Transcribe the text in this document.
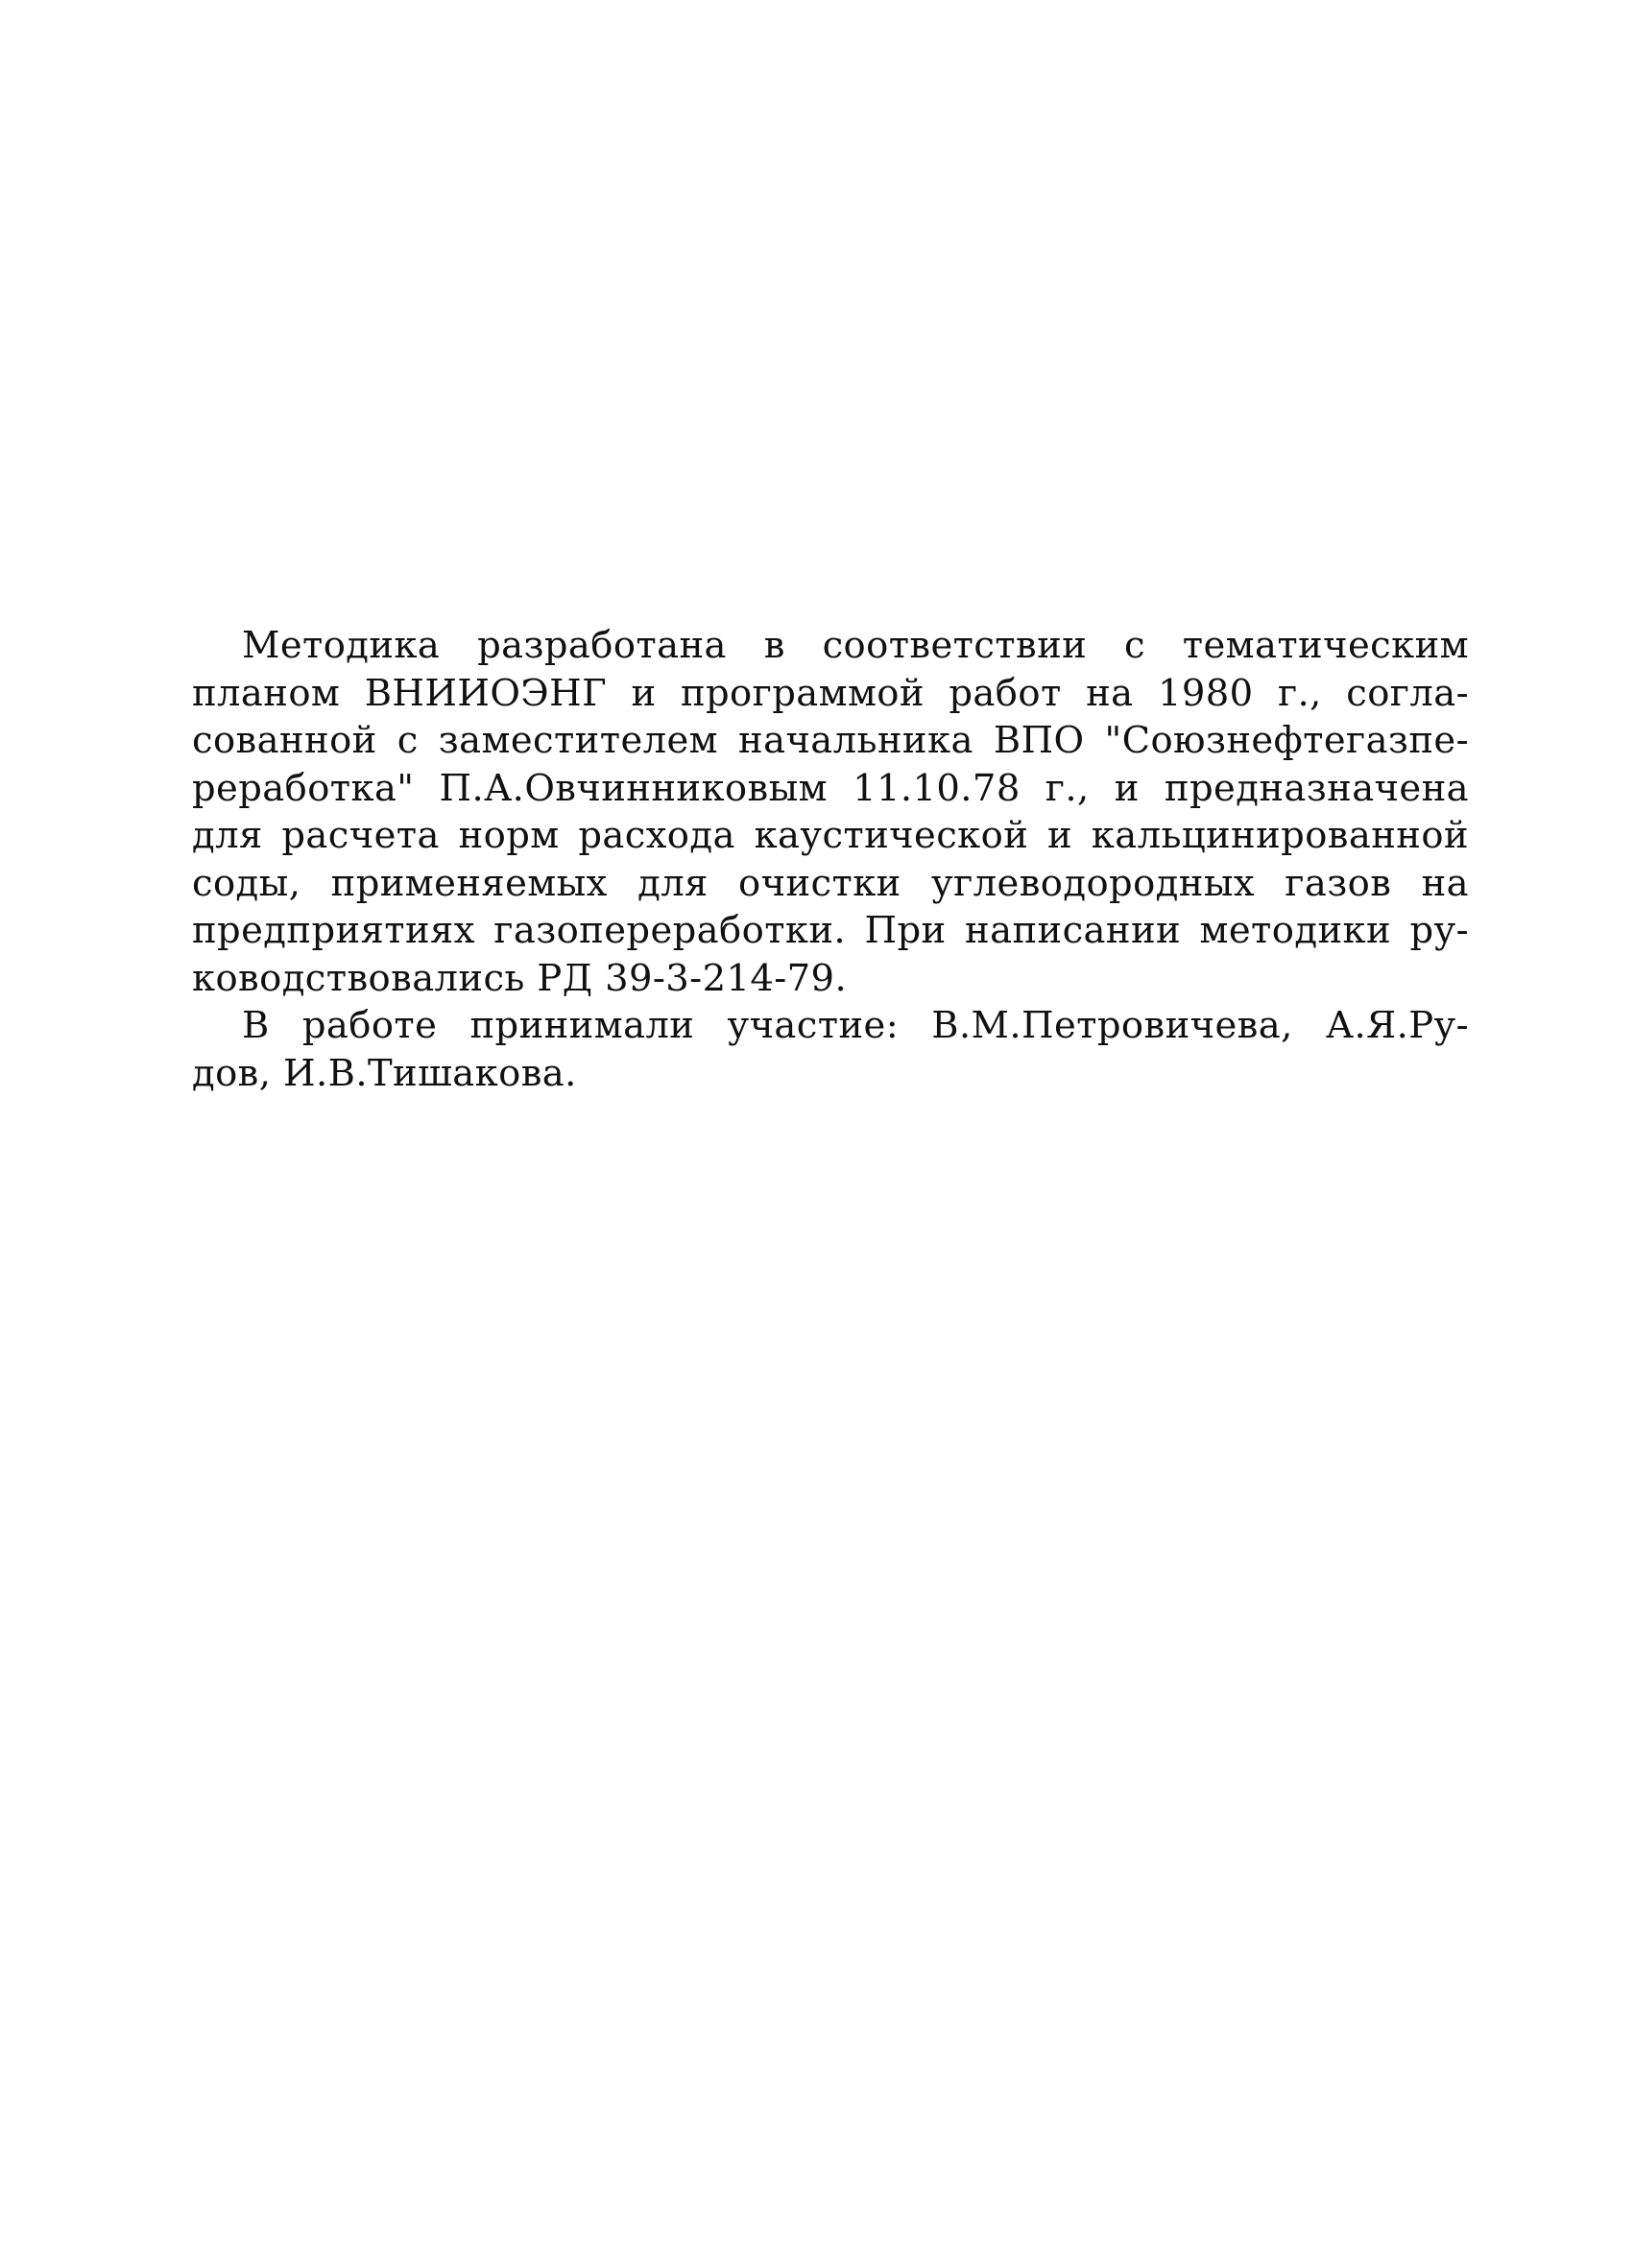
Методика разработана в соответствии с тематическим
планом ВНИИОЭНГ и программой работ на 1980 г., согла-
сованной с заместителем начальника ВПО "Союзнефтегазпе-
реработка" П.А.Овчинниковым 11.10.78 г., и предназначена
для расчета норм расхода каустической и кальцинированной
соды, применяемых для очистки углеводородных газов на
предприятиях газопереработки. При написании методики ру-
ководствовались РД 39-3-214-79.
В работе принимали участие: В.М.Петровичева, А.Я.Ру-
дов, И.В.Тишакова.
